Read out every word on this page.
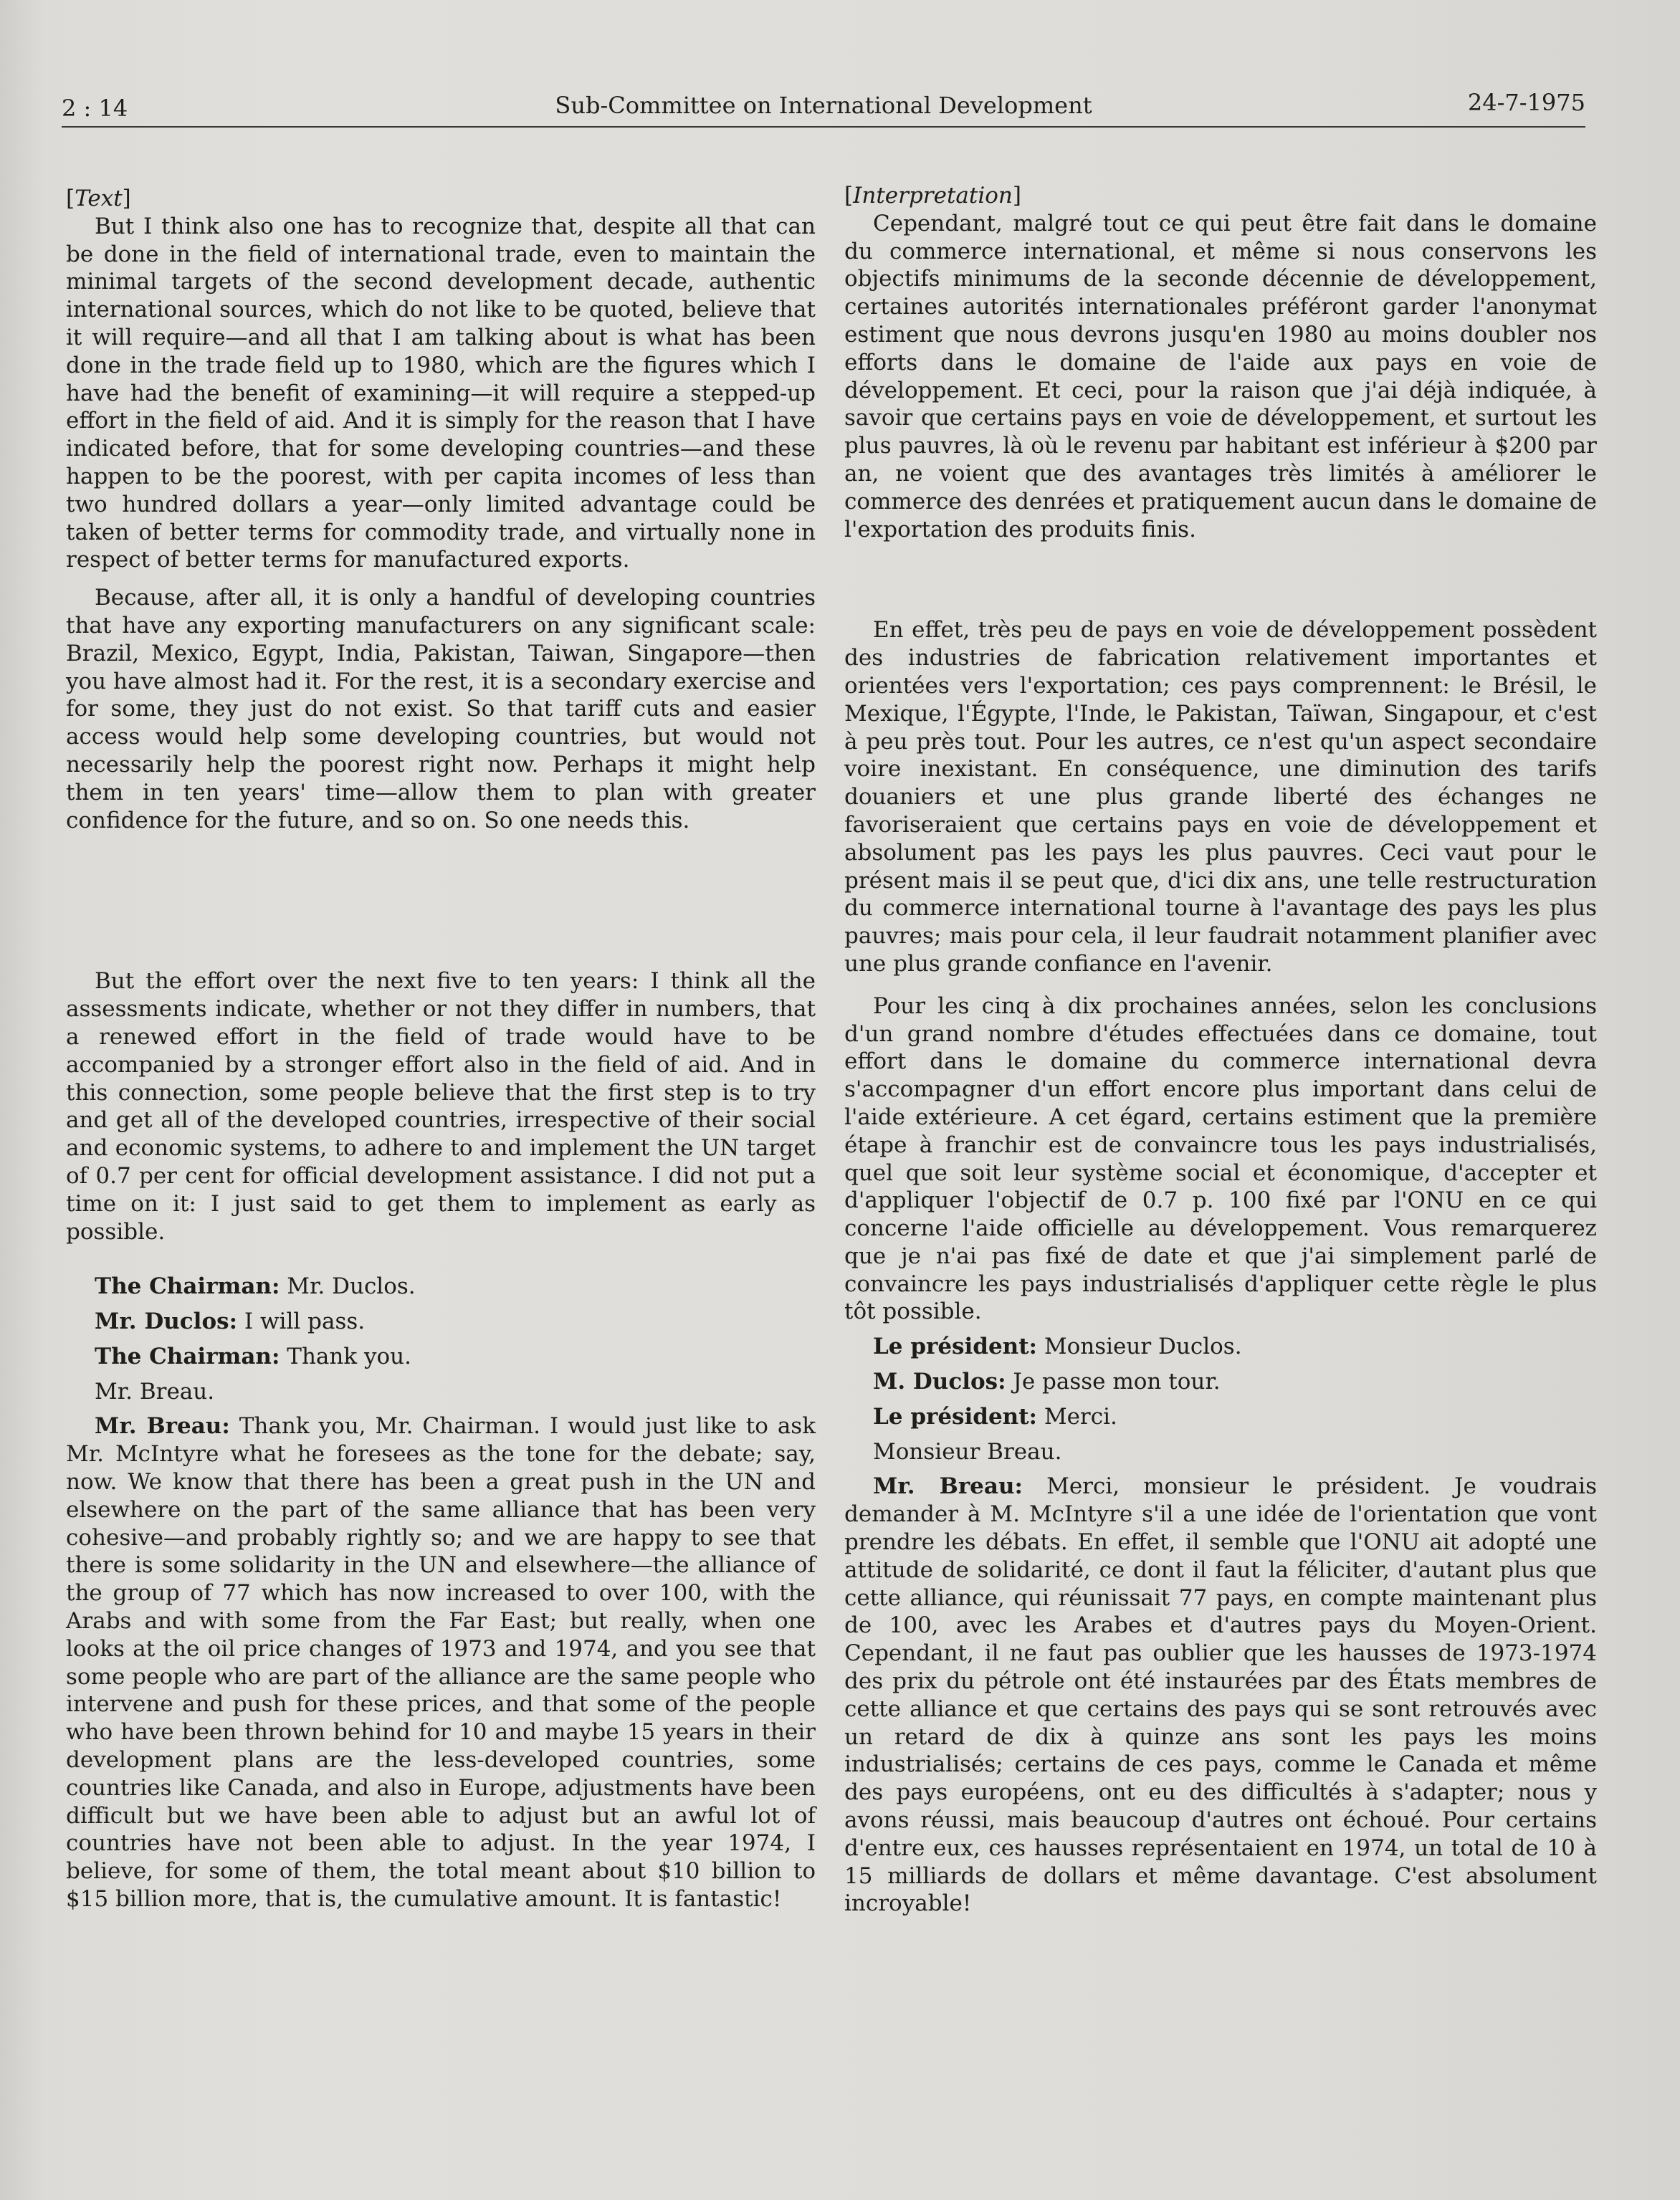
2 : 14	Sub-Committee on International Development	24-7-1975

[Text]

But I think also one has to recognize that, despite all that can be done in the field of international trade, even to maintain the minimal targets of the second development decade, authentic international sources, which do not like to be quoted, believe that it will require—and all that I am talking about is what has been done in the trade field up to 1980, which are the figures which I have had the benefit of examining—it will require a stepped-up effort in the field of aid. And it is simply for the reason that I have indicated before, that for some developing countries—and these happen to be the poorest, with per capita incomes of less than two hundred dollars a year—only limited advantage could be taken of better terms for commodity trade, and virtually none in respect of better terms for manufactured exports.

Because, after all, it is only a handful of developing countries that have any exporting manufacturers on any significant scale: Brazil, Mexico, Egypt, India, Pakistan, Taiwan, Singapore—then you have almost had it. For the rest, it is a secondary exercise and for some, they just do not exist. So that tariff cuts and easier access would help some developing countries, but would not necessarily help the poorest right now. Perhaps it might help them in ten years' time—allow them to plan with greater confidence for the future, and so on. So one needs this.

But the effort over the next five to ten years: I think all the assessments indicate, whether or not they differ in numbers, that a renewed effort in the field of trade would have to be accompanied by a stronger effort also in the field of aid. And in this connection, some people believe that the first step is to try and get all of the developed countries, irrespective of their social and economic systems, to adhere to and implement the UN target of 0.7 per cent for official development assistance. I did not put a time on it: I just said to get them to implement as early as possible.

The Chairman: Mr. Duclos.

Mr. Duclos: I will pass.

The Chairman: Thank you.

Mr. Breau.

Mr. Breau: Thank you, Mr. Chairman. I would just like to ask Mr. McIntyre what he foresees as the tone for the debate; say, now. We know that there has been a great push in the UN and elsewhere on the part of the same alliance that has been very cohesive—and probably rightly so; and we are happy to see that there is some solidarity in the UN and elsewhere—the alliance of the group of 77 which has now increased to over 100, with the Arabs and with some from the Far East; but really, when one looks at the oil price changes of 1973 and 1974, and you see that some people who are part of the alliance are the same people who intervene and push for these prices, and that some of the people who have been thrown behind for 10 and maybe 15 years in their development plans are the less-developed countries, some countries like Canada, and also in Europe, adjustments have been difficult but we have been able to adjust but an awful lot of countries have not been able to adjust. In the year 1974, I believe, for some of them, the total meant about $10 billion to $15 billion more, that is, the cumulative amount. It is fantastic!

[Interpretation]

Cependant, malgré tout ce qui peut être fait dans le domaine du commerce international, et même si nous conservons les objectifs minimums de la seconde décennie de développement, certaines autorités internationales préféront garder l'anonymat estiment que nous devrons jusqu'en 1980 au moins doubler nos efforts dans le domaine de l'aide aux pays en voie de développement. Et ceci, pour la raison que j'ai déjà indiquée, à savoir que certains pays en voie de développement, et surtout les plus pauvres, là où le revenu par habitant est inférieur à $200 par an, ne voient que des avantages très limités à améliorer le commerce des denrées et pratiquement aucun dans le domaine de l'exportation des produits finis.

En effet, très peu de pays en voie de développement possèdent des industries de fabrication relativement importantes et orientées vers l'exportation; ces pays comprennent: le Brésil, le Mexique, l'Égypte, l'Inde, le Pakistan, Taïwan, Singapour, et c'est à peu près tout. Pour les autres, ce n'est qu'un aspect secondaire voire inexistant. En conséquence, une diminution des tarifs douaniers et une plus grande liberté des échanges ne favoriseraient que certains pays en voie de développement et absolument pas les pays les plus pauvres. Ceci vaut pour le présent mais il se peut que, d'ici dix ans, une telle restructuration du commerce international tourne à l'avantage des pays les plus pauvres; mais pour cela, il leur faudrait notamment planifier avec une plus grande confiance en l'avenir.

Pour les cinq à dix prochaines années, selon les conclusions d'un grand nombre d'études effectuées dans ce domaine, tout effort dans le domaine du commerce international devra s'accompagner d'un effort encore plus important dans celui de l'aide extérieure. A cet égard, certains estiment que la première étape à franchir est de convaincre tous les pays industrialisés, quel que soit leur système social et économique, d'accepter et d'appliquer l'objectif de 0.7 p. 100 fixé par l'ONU en ce qui concerne l'aide officielle au développement. Vous remarquerez que je n'ai pas fixé de date et que j'ai simplement parlé de convaincre les pays industrialisés d'appliquer cette règle le plus tôt possible.

Le président: Monsieur Duclos.

M. Duclos: Je passe mon tour.

Le président: Merci.

Monsieur Breau.

Mr. Breau: Merci, monsieur le président. Je voudrais demander à M. McIntyre s'il a une idée de l'orientation que vont prendre les débats. En effet, il semble que l'ONU ait adopté une attitude de solidarité, ce dont il faut la féliciter, d'autant plus que cette alliance, qui réunissait 77 pays, en compte maintenant plus de 100, avec les Arabes et d'autres pays du Moyen-Orient. Cependant, il ne faut pas oublier que les hausses de 1973-1974 des prix du pétrole ont été instaurées par des États membres de cette alliance et que certains des pays qui se sont retrouvés avec un retard de dix à quinze ans sont les pays les moins industrialisés; certains de ces pays, comme le Canada et même des pays européens, ont eu des difficultés à s'adapter; nous y avons réussi, mais beaucoup d'autres ont échoué. Pour certains d'entre eux, ces hausses représentaient en 1974, un total de 10 à 15 milliards de dollars et même davantage. C'est absolument incroyable!
